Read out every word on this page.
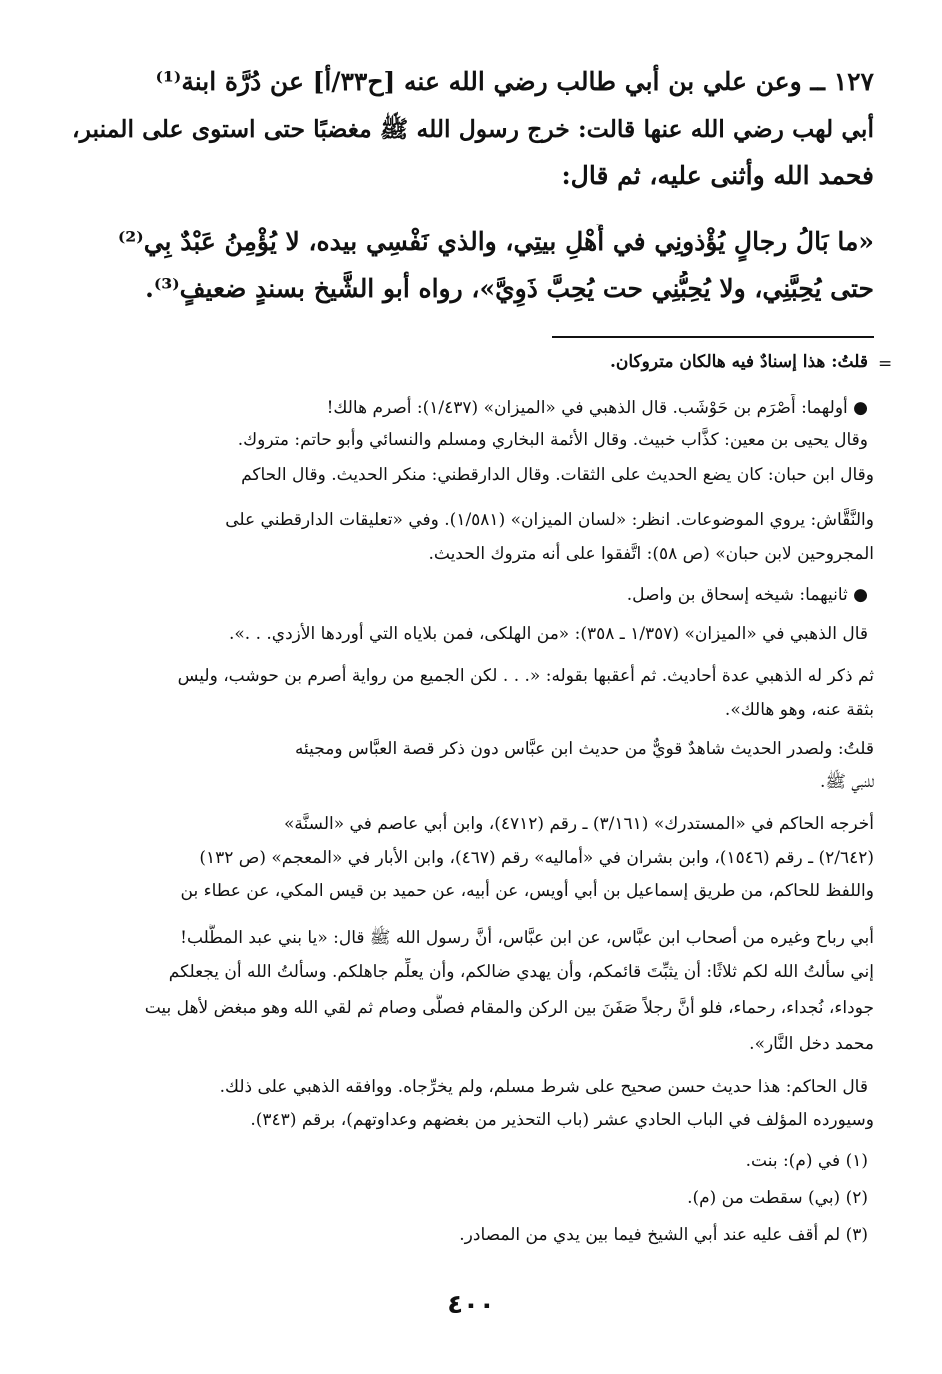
١٢٧ ــ وعن علي بن أبي طالب رضي الله عنه [ح٣٣/أ] عن دُرَّة ابنة⁽¹⁾
أبي لهب رضي الله عنها قالت: خرج رسول الله ﷺ مغضبًا حتى استوى على المنبر،
فحمد الله وأثنى عليه، ثم قال:
«ما بَالُ رجالٍ يُؤْذونِي في أَهْلِ بيتِي، والذي نَفْسِي بيده، لا يُؤْمِنُ عَبْدٌ بِي⁽²⁾
حتى يُحِبَّنِي، ولا يُحِبُّنِي حت يُحِبَّ ذَوِيَّ»، رواه أبو الشَّيخ بسندٍ ضعيفٍ⁽³⁾.
=
قلتُ: هذا إسنادٌ فيه هالكان متروكان.
● أولهما: أَصْرَم بن حَوْشَب. قال الذهبي في «الميزان» (١/٤٣٧): أصرم هالك!
وقال يحيى بن معين: كذَّاب خبيث. وقال الأئمة البخاري ومسلم والنسائي وأبو حاتم: متروك.
وقال ابن حبان: كان يضع الحديث على الثقات. وقال الدارقطني: منكر الحديث. وقال الحاكم
والنَّقَّاش: يروي الموضوعات. انظر: «لسان الميزان» (١/٥٨١). وفي «تعليقات الدارقطني على
المجروحين لابن حبان» (ص ٥٨): اتَّفقوا على أنه متروك الحديث.
● ثانيهما: شيخه إسحاق بن واصل.
قال الذهبي في «الميزان» (١/٣٥٧ ـ ٣٥٨): «من الهلكى، فمن بلاياه التي أوردها الأزدي. . .».
ثم ذكر له الذهبي عدة أحاديث. ثم أعقبها بقوله: «. . . لكن الجميع من رواية أصرم بن حوشب، وليس
بثقة عنه، وهو هالك».
قلتُ: ولصدر الحديث شاهدٌ قويٌّ من حديث ابن عبَّاس دون ذكر قصة العبَّاس ومجيئه
للنبي ﷺ.
أخرجه الحاكم في «المستدرك» (٣/١٦١) ـ رقم (٤٧١٢)، وابن أبي عاصم في «السنَّة»
(٢/٦٤٢) ـ رقم (١٥٤٦)، وابن بشران في «أماليه» رقم (٤٦٧)، وابن الأبار في «المعجم» (ص ١٣٢)
واللفظ للحاكم، من طريق إسماعيل بن أبي أويس، عن أبيه، عن حميد بن قيس المكي، عن عطاء بن
أبي رباح وغيره من أصحاب ابن عبَّاس، عن ابن عبَّاس، أنَّ رسول الله ﷺ قال: «يا بني عبد المطَّلب!
إني سألتُ الله لكم ثلاثًا: أن يثبِّتَ قائمكم، وأن يهدي ضالكم، وأن يعلِّم جاهلكم. وسألتُ الله أن يجعلكم
جوداء، نُجداء، رحماء، فلو أنَّ رجلاً صَفَنَ بين الركن والمقام فصلَّى وصام ثم لقي الله وهو مبغض لأهل بيت
محمد دخل النَّار».
قال الحاكم: هذا حديث حسن صحيح على شرط مسلم، ولم يخرِّجاه. ووافقه الذهبي على ذلك.
وسيورده المؤلف في الباب الحادي عشر (باب التحذير من بغضهم وعداوتهم)، برقم (٣٤٣).
(١) في (م): بنت.
(٢) (بي) سقطت من (م).
(٣) لم أقف عليه عند أبي الشيخ فيما بين يدي من المصادر.
٤٠٠
